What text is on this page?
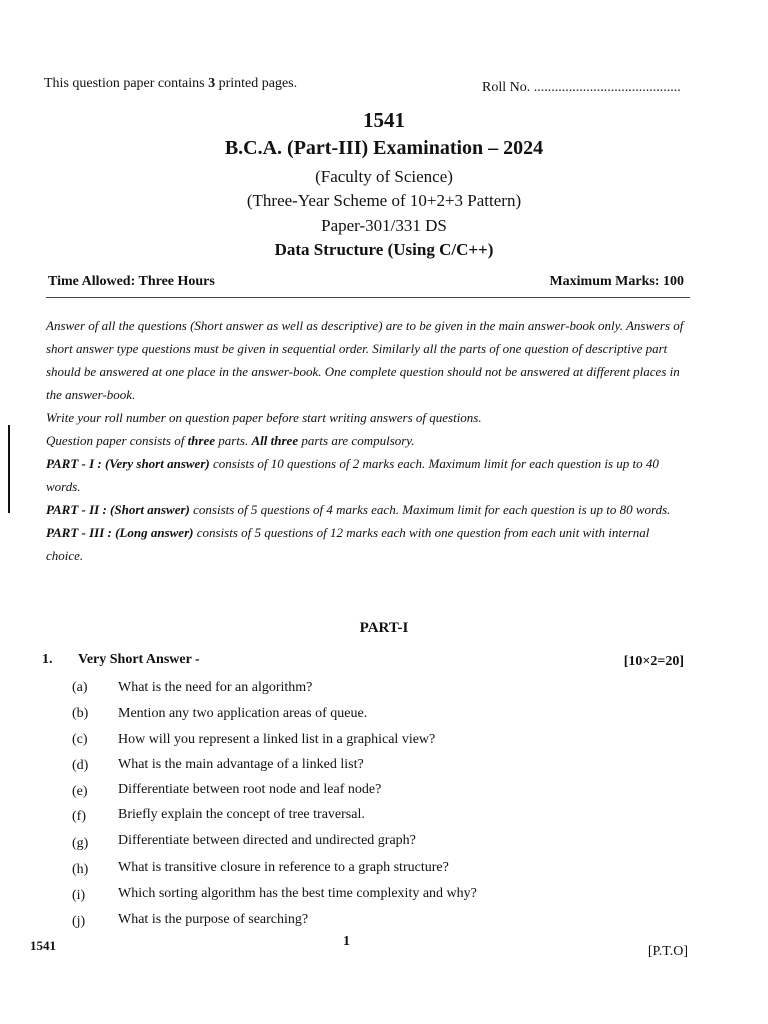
This question paper contains 3 printed pages.	Roll No. ..........................................
1541
B.C.A. (Part-III) Examination – 2024
(Faculty of Science)
(Three-Year Scheme of 10+2+3 Pattern)
Paper-301/331 DS
Data Structure (Using C/C++)
Time Allowed: Three Hours	Maximum Marks: 100

Answer of all the questions (Short answer as well as descriptive) are to be given in the main answer-book only. Answers of short answer type questions must be given in sequential order. Similarly all the parts of one question of descriptive part should be answered at one place in the answer-book. One complete question should not be answered at different places in the answer-book.

Write your roll number on question paper before start writing answers of questions.

Question paper consists of three parts. All three parts are compulsory.

PART - I : (Very short answer) consists of 10 questions of 2 marks each. Maximum limit for each question is up to 40 words.

PART - II : (Short answer) consists of 5 questions of 4 marks each. Maximum limit for each question is up to 80 words.

PART - III : (Long answer) consists of 5 questions of 12 marks each with one question from each unit with internal choice.

PART-I
1. Very Short Answer -	[10×2=20]
(a) What is the need for an algorithm?
(b) Mention any two application areas of queue.
(c) How will you represent a linked list in a graphical view?
(d) What is the main advantage of a linked list?
(e) Differentiate between root node and leaf node?
(f) Briefly explain the concept of tree traversal.
(g) Differentiate between directed and undirected graph?
(h) What is transitive closure in reference to a graph structure?
(i) Which sorting algorithm has the best time complexity and why?
(j) What is the purpose of searching?
1541	1
[P.T.O]
